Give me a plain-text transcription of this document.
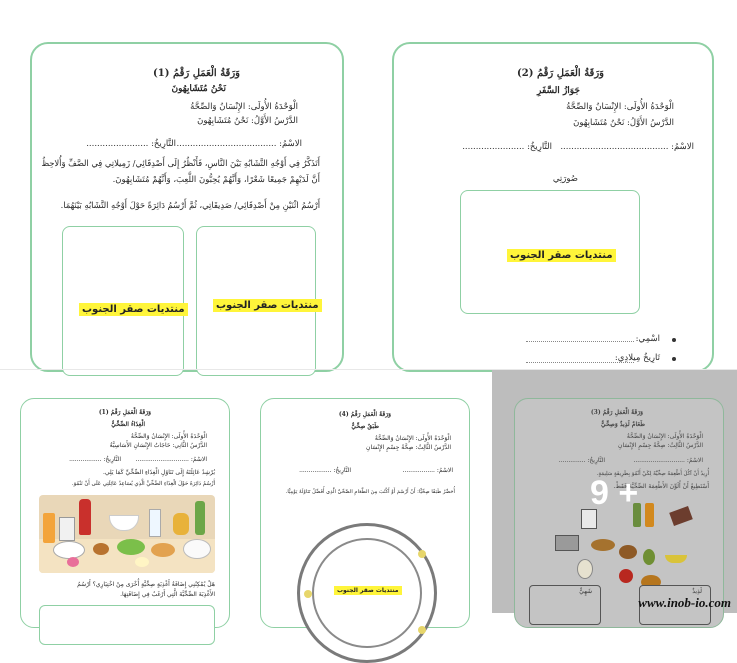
وَرَقَةُ الْعَمَلِ رَقْمُ (1)
نَحْنُ مُتَشَابِهُونَ
الْوَحْدَةُ الأُولَى: الإِنْسَانُ وَالصِّحَّةُ
الدَّرْسُ الأَوَّلُ: نَحْنُ مُتَشَابِهُونَ
الاسْمُ: .....................................
التَّارِيخُ: .......................
أَتَذَكَّرُ فِي أَوْجُهِ التَّشَابُهِ بَيْنَ النَّاسِ، فَأَنْظُرُ إِلَى أَصْدِقَائِي/ زَمِيلاتِي فِي الصَّفِّ وَأُلاحِظُ
أَنَّ لَدَيْهِمْ جَمِيعًا شَعْرًا، وَأَنَّهُمْ يُحِبُّونَ اللَّعِبَ، وَأَنَّهُمْ مُتَشَابِهُونَ.
أَرْسُمُ اثْنَيْنِ مِنْ أَصْدِقَائِي/ صَدِيقَاتِي، ثُمَّ أَرْسُمُ دَائِرَةً حَوْلَ أَوْجُهِ التَّشَابُهِ بَيْنَهُمَا.
منتديات صقر الجنوب
منتديات صقر الجنوب
وَرَقَةُ الْعَمَلِ رَقْمُ (2)
جَوَازُ السَّفَرِ
الْوَحْدَةُ الأُولَى: الإِنْسَانُ وَالصِّحَّةُ
الدَّرْسُ الأَوَّلُ: نَحْنُ مُتَشَابِهُونَ
الاسْمُ: ........................................
التَّارِيخُ: .......................
صُورَتِي
منتديات صقر الجنوب
اسْمِي:
تَارِيخُ مِيلادِي:
وَرَقَةُ الْعَمَلِ رَقْمُ (1)
الْغِذَاءُ الصِّحِّيُّ
الْوَحْدَةُ الأُولَى: الإِنْسَانُ وَالصِّحَّةُ
الدَّرْسُ الثَّانِي: حَاجَاتُ الإِنْسَانِ الأَسَاسِيَّةُ
الاسْمُ: ............................
التَّارِيخُ: .................
يُرْشِدُ عَائِلَتَهُ إِلَى تَنَاوُلِ الْغِذَاءِ الصِّحِّيِّ كَمَا يَلِي.
أَرْسُمُ دَائِرَةً حَوْلَ الْغِذَاءِ الصِّحِّيِّ الَّذِي يُسَاعِدُ عَائِلَتِي عَلَى أَنْ تَنْمُوَ.
هَلْ يُمْكِنُنِي إِضَافَةُ أَغْذِيَةٍ صِحِّيَّةٍ أُخْرَى مِنْ اخْتِيَارِي؟ أَرْسُمُ
الأَغْذِيَةَ الصِّحِّيَّةَ الَّتِي أَرْغَبُ فِي إِضَافَتِهَا.
وَرَقَةُ الْعَمَلِ رَقْمُ (4)
طَبَقٌ صِحِّيٌّ
الْوَحْدَةُ الأُولَى: الإِنْسَانُ وَالصِّحَّةُ
الدَّرْسُ الثَّالِثُ: صِحَّةُ جِسْمِ الإِنْسَانِ
الاسْمُ: .................
التَّارِيخُ: .................
أُحَضِّرُ طَبَقًا صِحِّيًّا: أَنْ أَرْسُمَ أَوْ أَكْتُبَ مِنَ الطَّعَامِ الصِّحِّيِّ الَّذِي أُفَضِّلُ تَنَاوُلَهُ يَوْمِيًّا.
منتديات صقر الجنوب
وَرَقَةُ الْعَمَلِ رَقْمُ (3)
طَعَامٌ لَذِيذٌ وَصِحِّيٌّ
الْوَحْدَةُ الأُولَى: الإِنْسَانُ وَالصِّحَّةُ
الدَّرْسُ الثَّالِثُ: صِحَّةُ جِسْمِ الإِنْسَانِ
الاسْمُ: ...........................
التَّارِيخُ: ..............
أُرِيدُ أَنْ آكُلَ أَطْعِمَةً صِحِّيَّةً لِكَيْ أَنْمُوَ بِطَرِيقَةٍ سَلِيمَةٍ.
أَسْتَطِيعُ أَنْ أُلَوِّنَ الأَطْعِمَةَ الصِّحِّيَّةَ فَقَطْ.
شَهِيٌّ	لَذِيذٌ
9 +
www.inob-io.com
